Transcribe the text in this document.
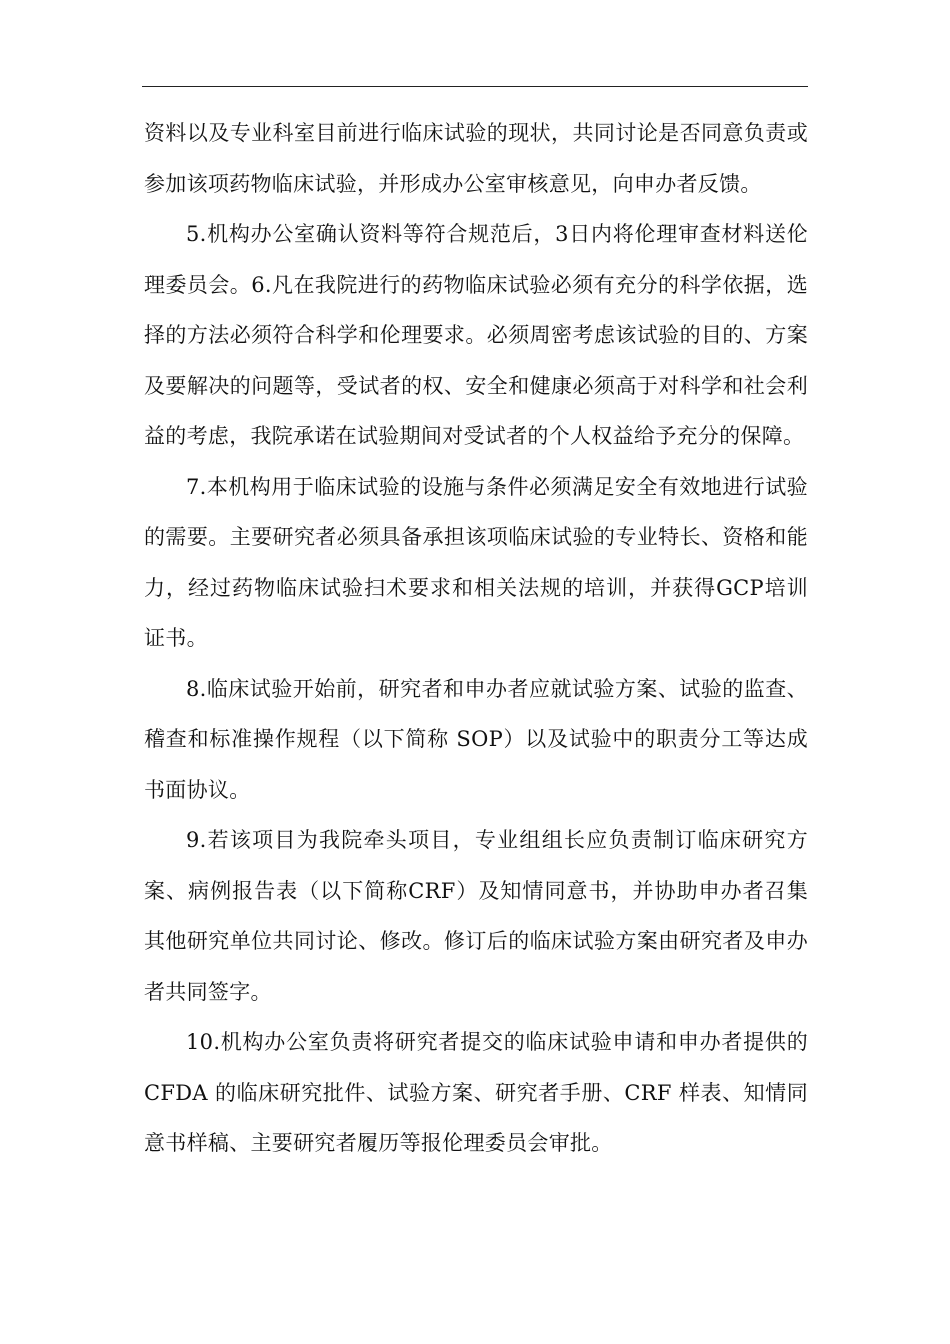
资料以及专业科室目前进行临床试验的现状，共同讨论是否同意负责或参加该项药物临床试验，并形成办公室审核意见，向申办者反馈。

5.机构办公室确认资料等符合规范后，3日内将伦理审查材料送伦理委员会。6.凡在我院进行的药物临床试验必须有充分的科学依据，选择的方法必须符合科学和伦理要求。必须周密考虑该试验的目的、方案及要解决的问题等，受试者的权、安全和健康必须高于对科学和社会利益的考虑，我院承诺在试验期间对受试者的个人权益给予充分的保障。

7.本机构用于临床试验的设施与条件必须满足安全有效地进行试验的需要。主要研究者必须具备承担该项临床试验的专业特长、资格和能力，经过药物临床试验扫术要求和相关法规的培训，并获得GCP培训证书。

8.临床试验开始前，研究者和申办者应就试验方案、试验的监查、稽查和标准操作规程（以下简称 SOP）以及试验中的职责分工等达成书面协议。

9.若该项目为我院牵头项目，专业组组长应负责制订临床研究方案、病例报告表（以下简称CRF）及知情同意书，并协助申办者召集其他研究单位共同讨论、修改。修订后的临床试验方案由研究者及申办者共同签字。

10.机构办公室负责将研究者提交的临床试验申请和申办者提供的 CFDA 的临床研究批件、试验方案、研究者手册、CRF 样表、知情同意书样稿、主要研究者履历等报伦理委员会审批。
